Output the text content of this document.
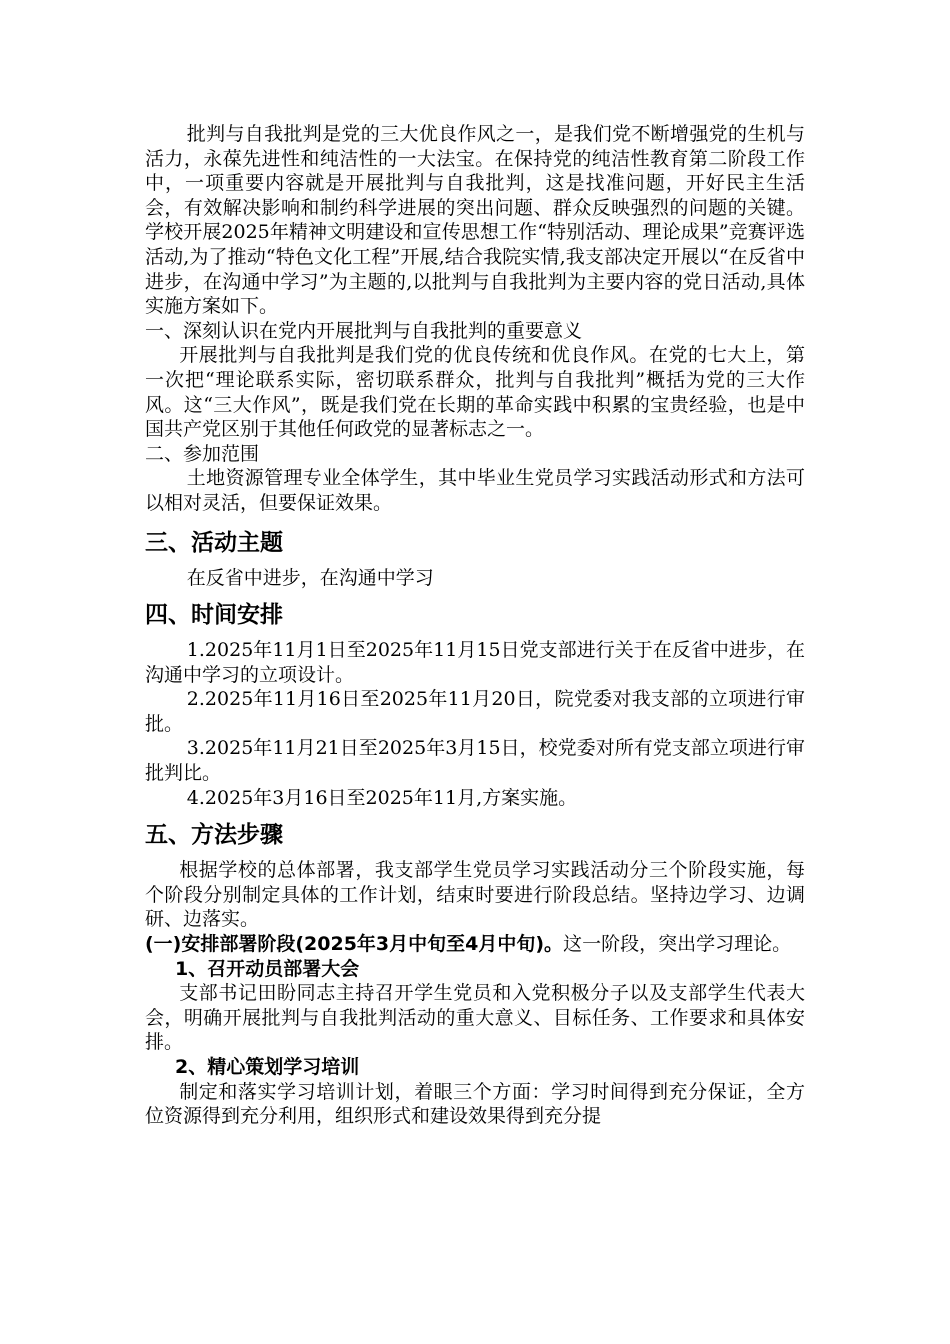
批判与自我批判是党的三大优良作风之一，是我们党不断增强党的生机与活力，永葆先进性和纯洁性的一大法宝。在保持党的纯洁性教育第二阶段工作中，一项重要内容就是开展批判与自我批判，这是找准问题，开好民主生活会，有效解决影响和制约科学进展的突出问题、群众反映强烈的问题的关键。 学校开展2025年精神文明建设和宣传思想工作“特别活动、理论成果”竞赛评选活动,为了推动“特色文化工程”开展,结合我院实情,我支部决定开展以“在反省中进步，在沟通中学习”为主题的,以批判与自我批判为主要内容的党日活动,具体实施方案如下。

一、深刻认识在党内开展批判与自我批判的重要意义

开展批判与自我批判是我们党的优良传统和优良作风。在党的七大上，第一次把“理论联系实际，密切联系群众，批判与自我批判”概括为党的三大作风。这“三大作风”，既是我们党在长期的革命实践中积累的宝贵经验，也是中国共产党区别于其他任何政党的显著标志之一。

二、参加范围

土地资源管理专业全体学生，其中毕业生党员学习实践活动形式和方法可以相对灵活，但要保证效果。

三、活动主题

在反省中进步，在沟通中学习

四、时间安排

1.2025年11月1日至2025年11月15日党支部进行关于在反省中进步，在沟通中学习的立项设计。

2.2025年11月16日至2025年11月20日，院党委对我支部的立项进行审批。

3.2025年11月21日至2025年3月15日，校党委对所有党支部立项进行审批判比。

4.2025年3月16日至2025年11月,方案实施。

五、方法步骤

根据学校的总体部署，我支部学生党员学习实践活动分三个阶段实施，每个阶段分别制定具体的工作计划，结束时要进行阶段总结。坚持边学习、边调研、边落实。

(一)安排部署阶段(2025年3月中旬至4月中旬)。这一阶段，突出学习理论。

1、召开动员部署大会

支部书记田盼同志主持召开学生党员和入党积极分子以及支部学生代表大会，明确开展批判与自我批判活动的重大意义、目标任务、工作要求和具体安排。

2、精心策划学习培训

制定和落实学习培训计划，着眼三个方面：学习时间得到充分保证，全方位资源得到充分利用，组织形式和建设效果得到充分提
